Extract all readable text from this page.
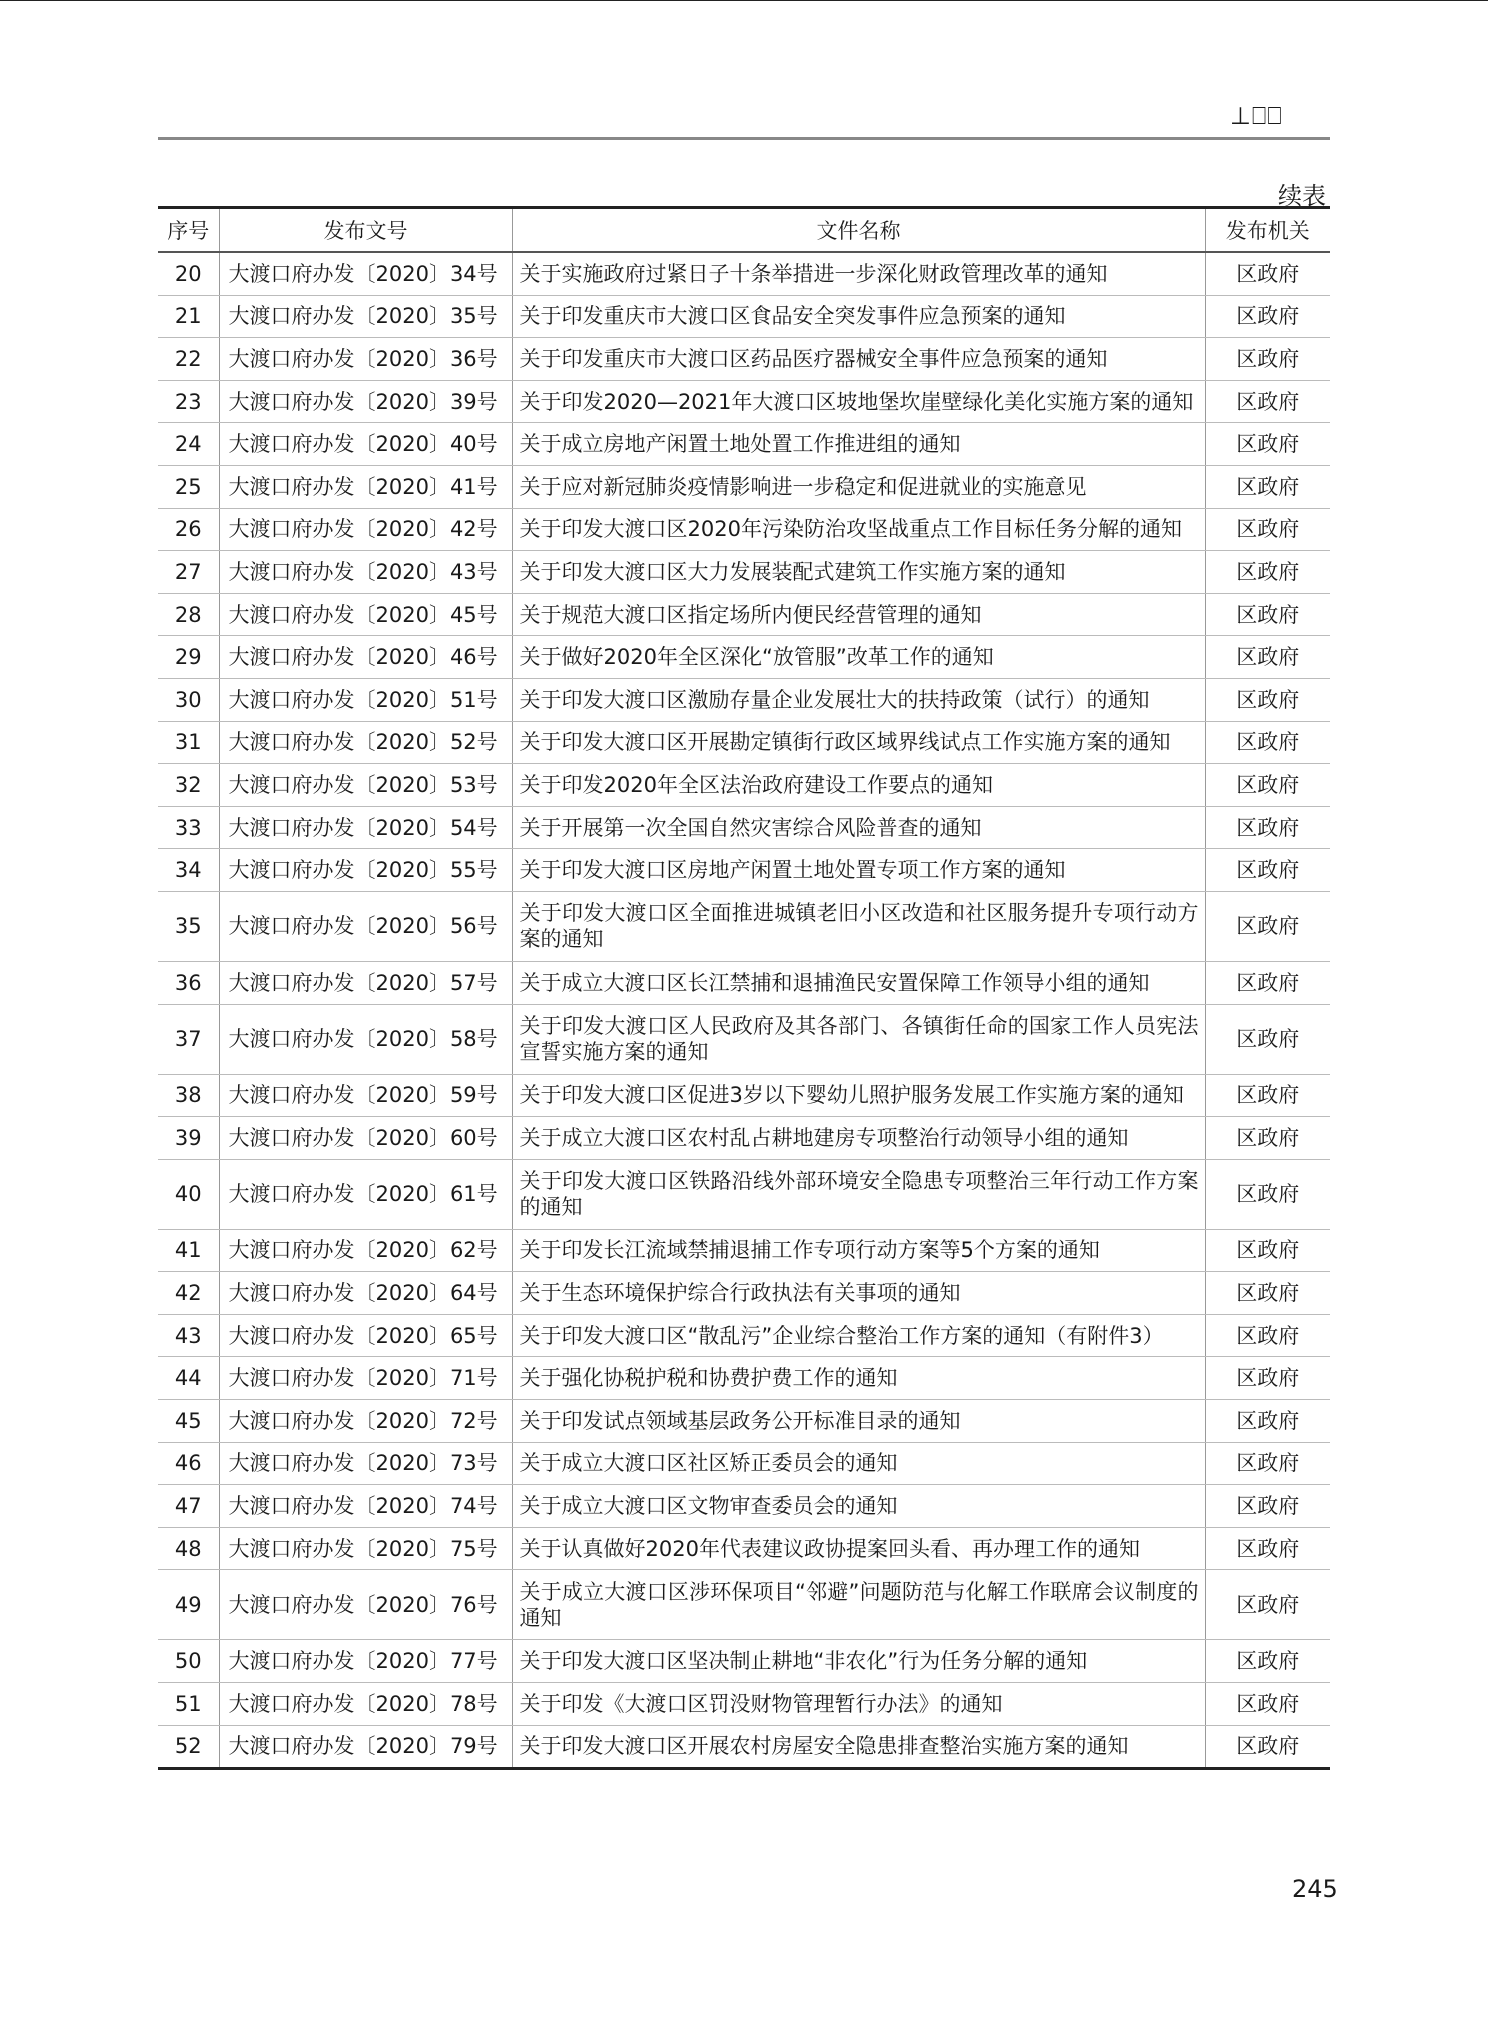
⊥⎕⎕
续表
序号	发布文号	文件名称	发布机关
20	大渡口府办发〔2020〕34号	关于实施政府过紧日子十条举措进一步深化财政管理改革的通知	区政府
21	大渡口府办发〔2020〕35号	关于印发重庆市大渡口区食品安全突发事件应急预案的通知	区政府
22	大渡口府办发〔2020〕36号	关于印发重庆市大渡口区药品医疗器械安全事件应急预案的通知	区政府
23	大渡口府办发〔2020〕39号	关于印发2020—2021年大渡口区坡地堡坎崖壁绿化美化实施方案的通知	区政府
24	大渡口府办发〔2020〕40号	关于成立房地产闲置土地处置工作推进组的通知	区政府
25	大渡口府办发〔2020〕41号	关于应对新冠肺炎疫情影响进一步稳定和促进就业的实施意见	区政府
26	大渡口府办发〔2020〕42号	关于印发大渡口区2020年污染防治攻坚战重点工作目标任务分解的通知	区政府
27	大渡口府办发〔2020〕43号	关于印发大渡口区大力发展装配式建筑工作实施方案的通知	区政府
28	大渡口府办发〔2020〕45号	关于规范大渡口区指定场所内便民经营管理的通知	区政府
29	大渡口府办发〔2020〕46号	关于做好2020年全区深化“放管服”改革工作的通知	区政府
30	大渡口府办发〔2020〕51号	关于印发大渡口区激励存量企业发展壮大的扶持政策（试行）的通知	区政府
31	大渡口府办发〔2020〕52号	关于印发大渡口区开展勘定镇街行政区域界线试点工作实施方案的通知	区政府
32	大渡口府办发〔2020〕53号	关于印发2020年全区法治政府建设工作要点的通知	区政府
33	大渡口府办发〔2020〕54号	关于开展第一次全国自然灾害综合风险普查的通知	区政府
34	大渡口府办发〔2020〕55号	关于印发大渡口区房地产闲置土地处置专项工作方案的通知	区政府
35	大渡口府办发〔2020〕56号	关于印发大渡口区全面推进城镇老旧小区改造和社区服务提升专项行动方案的通知	区政府
36	大渡口府办发〔2020〕57号	关于成立大渡口区长江禁捕和退捕渔民安置保障工作领导小组的通知	区政府
37	大渡口府办发〔2020〕58号	关于印发大渡口区人民政府及其各部门、各镇街任命的国家工作人员宪法宣誓实施方案的通知	区政府
38	大渡口府办发〔2020〕59号	关于印发大渡口区促进3岁以下婴幼儿照护服务发展工作实施方案的通知	区政府
39	大渡口府办发〔2020〕60号	关于成立大渡口区农村乱占耕地建房专项整治行动领导小组的通知	区政府
40	大渡口府办发〔2020〕61号	关于印发大渡口区铁路沿线外部环境安全隐患专项整治三年行动工作方案的通知	区政府
41	大渡口府办发〔2020〕62号	关于印发长江流域禁捕退捕工作专项行动方案等5个方案的通知	区政府
42	大渡口府办发〔2020〕64号	关于生态环境保护综合行政执法有关事项的通知	区政府
43	大渡口府办发〔2020〕65号	关于印发大渡口区“散乱污”企业综合整治工作方案的通知（有附件3）	区政府
44	大渡口府办发〔2020〕71号	关于强化协税护税和协费护费工作的通知	区政府
45	大渡口府办发〔2020〕72号	关于印发试点领域基层政务公开标准目录的通知	区政府
46	大渡口府办发〔2020〕73号	关于成立大渡口区社区矫正委员会的通知	区政府
47	大渡口府办发〔2020〕74号	关于成立大渡口区文物审查委员会的通知	区政府
48	大渡口府办发〔2020〕75号	关于认真做好2020年代表建议政协提案回头看、再办理工作的通知	区政府
49	大渡口府办发〔2020〕76号	关于成立大渡口区涉环保项目“邻避”问题防范与化解工作联席会议制度的通知	区政府
50	大渡口府办发〔2020〕77号	关于印发大渡口区坚决制止耕地“非农化”行为任务分解的通知	区政府
51	大渡口府办发〔2020〕78号	关于印发《大渡口区罚没财物管理暂行办法》的通知	区政府
52	大渡口府办发〔2020〕79号	关于印发大渡口区开展农村房屋安全隐患排查整治实施方案的通知	区政府
245
